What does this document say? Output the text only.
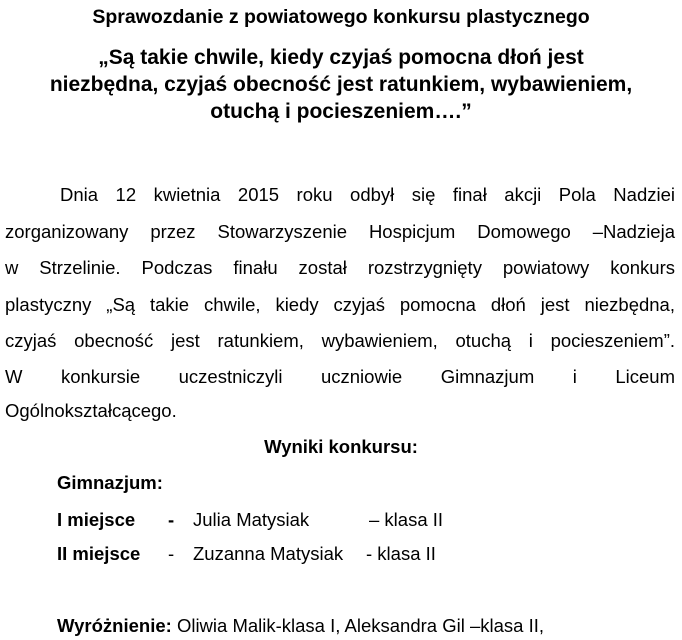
Sprawozdanie z powiatowego konkursu plastycznego
„Są takie chwile, kiedy czyjaś pomocna dłoń jest
niezbędna, czyjaś obecność jest ratunkiem, wybawieniem,
otuchą i pocieszeniem….”
Dnia 12 kwietnia 2015 roku odbył się finał akcji Pola Nadziei
zorganizowany przez Stowarzyszenie Hospicjum Domowego –Nadzieja
w Strzelinie. Podczas finału został rozstrzygnięty powiatowy konkurs
plastyczny „Są takie chwile, kiedy czyjaś pomocna dłoń jest niezbędna,
czyjaś obecność jest ratunkiem, wybawieniem, otuchą i pocieszeniem”.
W konkursie uczestniczyli uczniowie Gimnazjum i Liceum
Ogólnokształcącego.
Wyniki konkursu:
Gimnazjum:
I miejsce - Julia Matysiak	– klasa II
II miejsce - Zuzanna Matysiak - klasa II
Wyróżnienie: Oliwia Malik-klasa I, Aleksandra Gil –klasa II,
